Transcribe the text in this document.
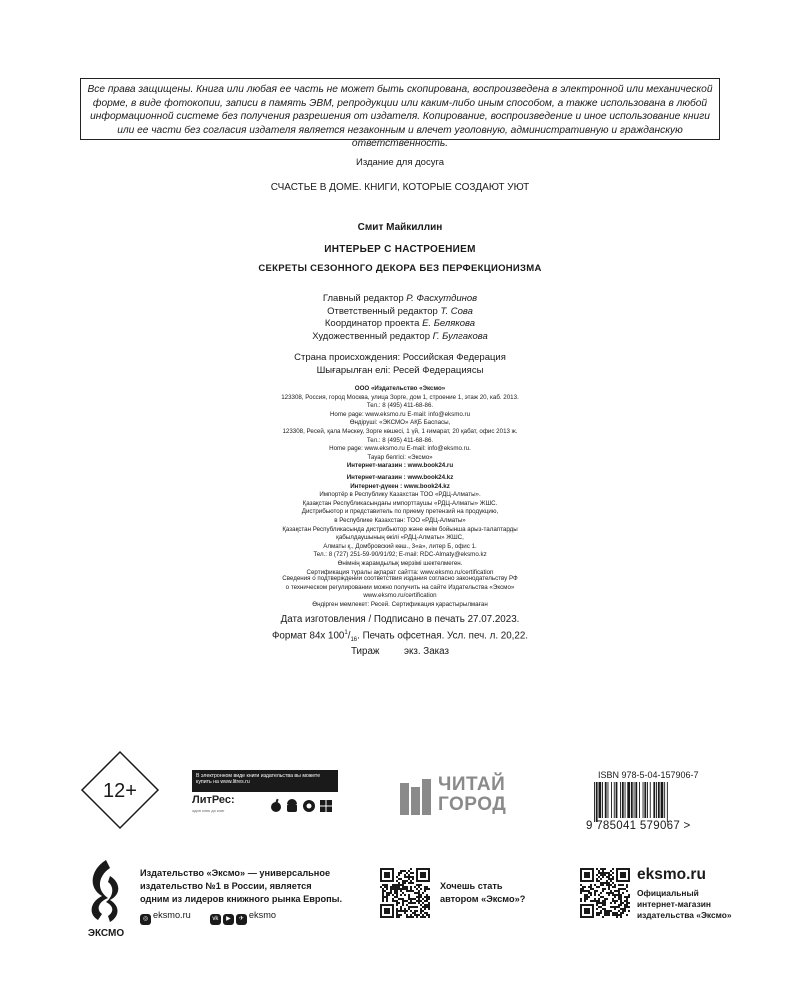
Все права защищены. Книга или любая ее часть не может быть скопирована, воспроизведена в электронной или механической форме, в виде фотокопии, записи в память ЭВМ, репродукции или каким-либо иным способом, а также использована в любой информационной системе без получения разрешения от издателя. Копирование, воспроизведение и иное использование книги или ее части без согласия издателя является незаконным и влечет уголовную, административную и гражданскую ответственность.
Издание для досуга
СЧАСТЬЕ В ДОМЕ. КНИГИ, КОТОРЫЕ СОЗДАЮТ УЮТ
Смит Майкиллин
ИНТЕРЬЕР С НАСТРОЕНИЕМ
СЕКРЕТЫ СЕЗОННОГО ДЕКОРА БЕЗ ПЕРФЕКЦИОНИЗМА
Главный редактор Р. Фасхутдинов
Ответственный редактор Т. Сова
Координатор проекта Е. Белякова
Художественный редактор Г. Булгакова
Страна происхождения: Российская Федерация
Шығарылған елі: Ресей Федерациясы
ООО «Издательство «Эксмо»
123308, Россия, город Москва, улица Зорге, дом 1, строение 1, этаж 20, каб. 2013.
Тел.: 8 (495) 411-68-86.
Home page: www.eksmo.ru E-mail: info@eksmo.ru
Өндіруші: «ЭКСМО» АҚБ Баспасы,
123308, Ресей, қала Мәскеу, Зорге көшесі, 1 үй, 1 ғимарат, 20 қабат, офис 2013 ж.
Тел.: 8 (495) 411-68-86.
Home page: www.eksmo.ru E-mail: info@eksmo.ru.
Тауар белгісі: «Эксмо»
Интернет-магазин : www.book24.ru
Интернет-магазин : www.book24.kz
Интернет-дүкен : www.book24.kz
Импортёр в Республику Казахстан ТОО «РДЦ-Алматы».
Қазақстан Республикасындағы импорттаушы «РДЦ-Алматы» ЖШС.
Дистрибьютор и представитель по приему претензий на продукцию,
в Республике Казахстан: ТОО «РДЦ-Алматы»
Қазақстан Республикасында дистрибьютор және өнім бойынша арыз-талаптарды
қабылдаушының өкілі «РДЦ-Алматы» ЖШС,
Алматы қ., Домбровский көш., 3«а», литер Б, офис 1.
Тел.: 8 (727) 251-59-90/91/92; E-mail: RDC-Almaty@eksmo.kz
Өнімнің жарамдылық мерзімі шектелмеген.
Сертификация туралы ақпарат сайтта: www.eksmo.ru/certification
Сведения о подтверждении соответствия издания согласно законодательству РФ
о техническом регулировании можно получить на сайте Издательства «Эксмо»
www.eksmo.ru/certification
Өндірген мемлекет: Ресей. Сертификация қарастырылмаған
Дата изготовления / Подписано в печать 27.07.2023.
Формат 84x $100^1/_{16}$. Печать офсетная. Усл. печ. л. 20,22.
Тираж         экз. Заказ
12+
В электронном виде книги издательства вы можете купить на www.litres.ru
ЛитРес:
один клик до книг
ЧИТАЙ
ГОРОД
ISBN 978-5-04-157906-7
9 785041 579067 >
ЭКСМО
Издательство «Эксмо» — универсальное
издательство №1 в России, является
одним из лидеров книжного рынка Европы.
◎ eksmo.ru	vk ▶ ✈ eksmo
Хочешь стать
автором «Эксмо»?
eksmo.ru
Официальный
интернет-магазин
издательства «Эксмо»
